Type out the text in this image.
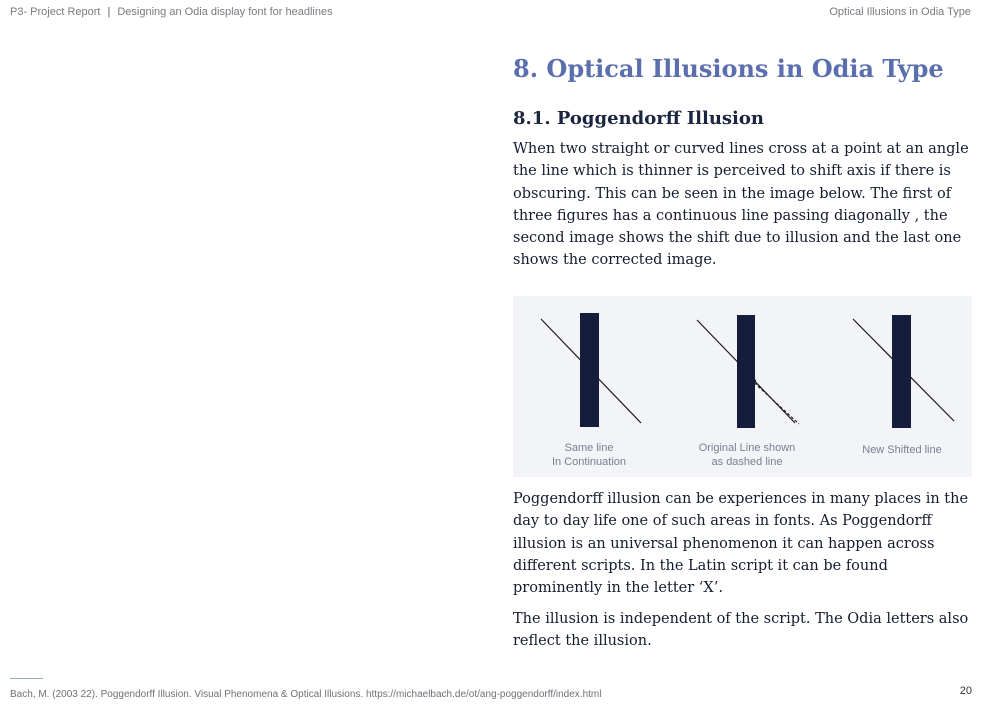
P3- Project Report | Designing an Odia display font for headlines	Optical Illusions in Odia Type
8. Optical Illusions in Odia Type
8.1. Poggendorff Illusion

When two straight or curved lines cross at a point at an angle the line which is thinner is perceived to shift axis if there is obscuring. This can be seen in the image below. The first of three figures has a continuous line passing diagonally , the second image shows the shift due to illusion and the last one shows the corrected image.

Same line
In Continuation
Original Line shown
as dashed line
New Shifted line

Poggendorff illusion can be experiences in many places in the day to day life one of such areas in fonts. As Poggendorff illusion is an universal phenomenon it can happen across different scripts. In the Latin script it can be found prominently in the letter ‘X’.

The illusion is independent of the script. The Odia letters also reflect the illusion.

Bach, M. (2003 22). Poggendorff Illusion. Visual Phenomena & Optical Illusions. https://michaelbach.de/ot/ang-poggendorff/index.html	20
